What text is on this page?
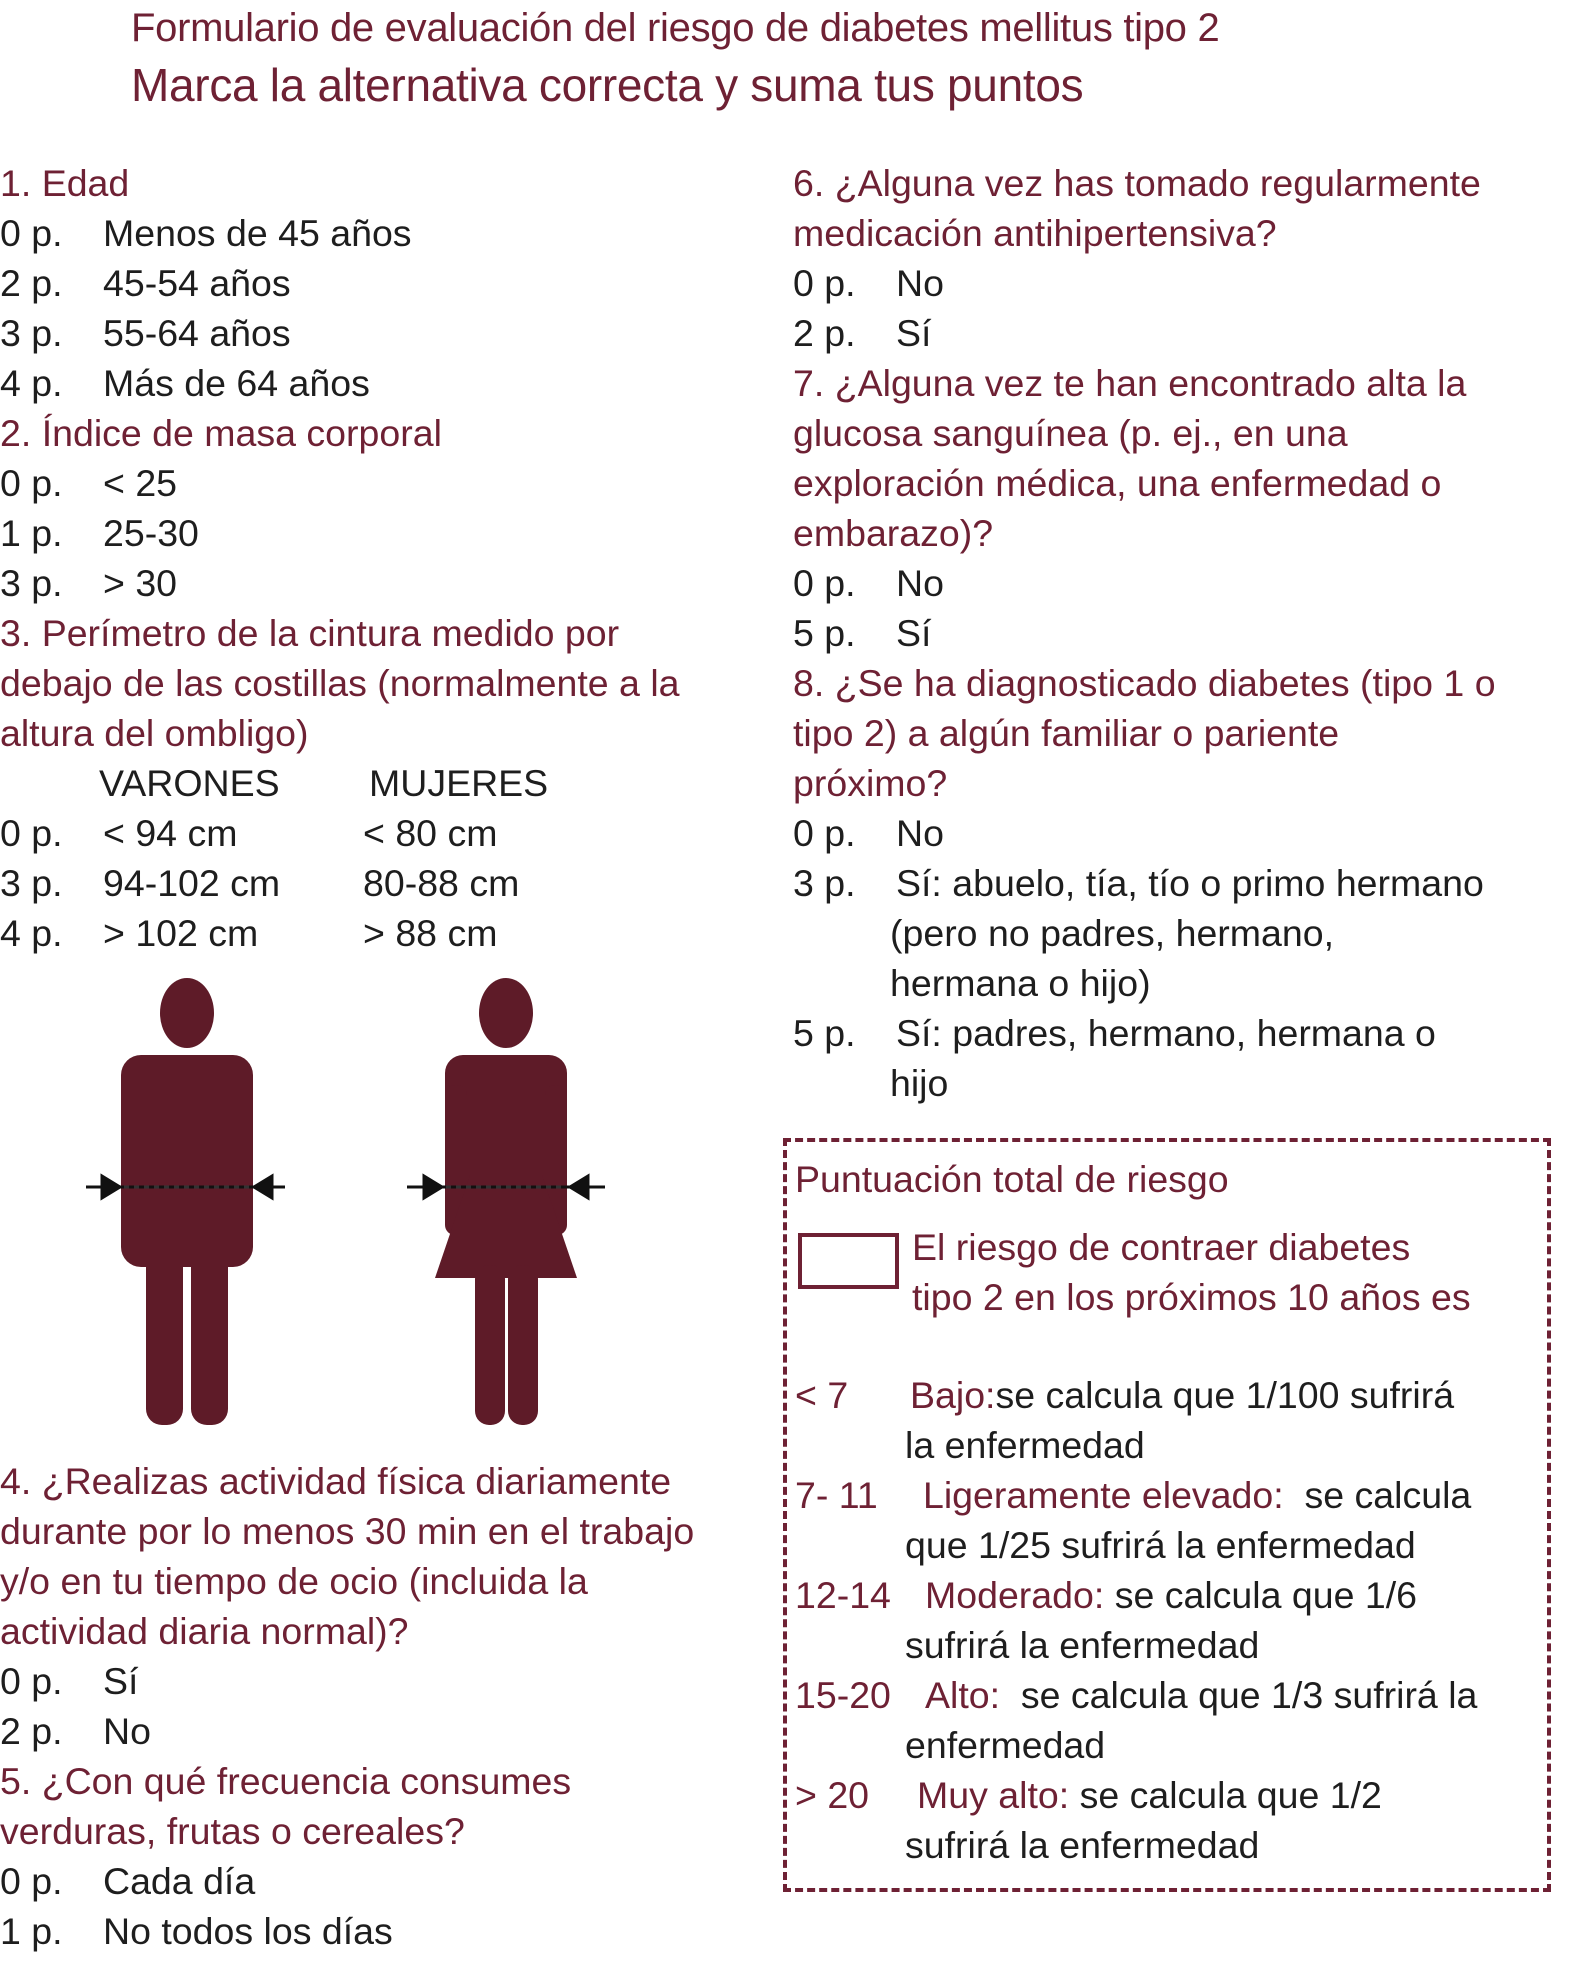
Formulario de evaluación del riesgo de diabetes mellitus tipo 2
Marca la alternativa correcta y suma tus puntos
1. Edad
0 p.	Menos de 45 años
2 p.	45-54 años
3 p.	55-64 años
4 p.	Más de 64 años
2. Índice de masa corporal
0 p.	< 25
1 p.	25-30
3 p.	> 30
3. Perímetro de la cintura medido por
debajo de las costillas (normalmente a la
altura del ombligo)
VARONES	MUJERES
0 p.	< 94 cm	< 80 cm
3 p.	94-102 cm	80-88 cm
4 p.	> 102 cm	> 88 cm
4. ¿Realizas actividad física diariamente
durante por lo menos 30 min en el trabajo
y/o en tu tiempo de ocio (incluida la
actividad diaria normal)?
0 p.	Sí
2 p.	No
5. ¿Con qué frecuencia consumes
verduras, frutas o cereales?
0 p.	Cada día
1 p.	No todos los días
6. ¿Alguna vez has tomado regularmente
medicación antihipertensiva?
0 p.	No
2 p.	Sí
7. ¿Alguna vez te han encontrado alta la
glucosa sanguínea (p. ej., en una
exploración médica, una enfermedad o
embarazo)?
0 p.	No
5 p.	Sí
8. ¿Se ha diagnosticado diabetes (tipo 1 o
tipo 2) a algún familiar o pariente
próximo?
0 p.	No
3 p.	Sí: abuelo, tía, tío o primo hermano
(pero no padres, hermano,
hermana o hijo)
5 p.	Sí: padres, hermano, hermana o
hijo
Puntuación total de riesgo
El riesgo de contraer diabetes
tipo 2 en los próximos 10 años es
< 7	Bajo:se calcula que 1/100 sufrirá
la enfermedad
7- 11	Ligeramente elevado: se calcula
que 1/25 sufrirá la enfermedad
12-14 Moderado: se calcula que 1/6
sufrirá la enfermedad
15-20 Alto: se calcula que 1/3 sufrirá la
enfermedad
> 20	Muy alto: se calcula que 1/2
sufrirá la enfermedad
